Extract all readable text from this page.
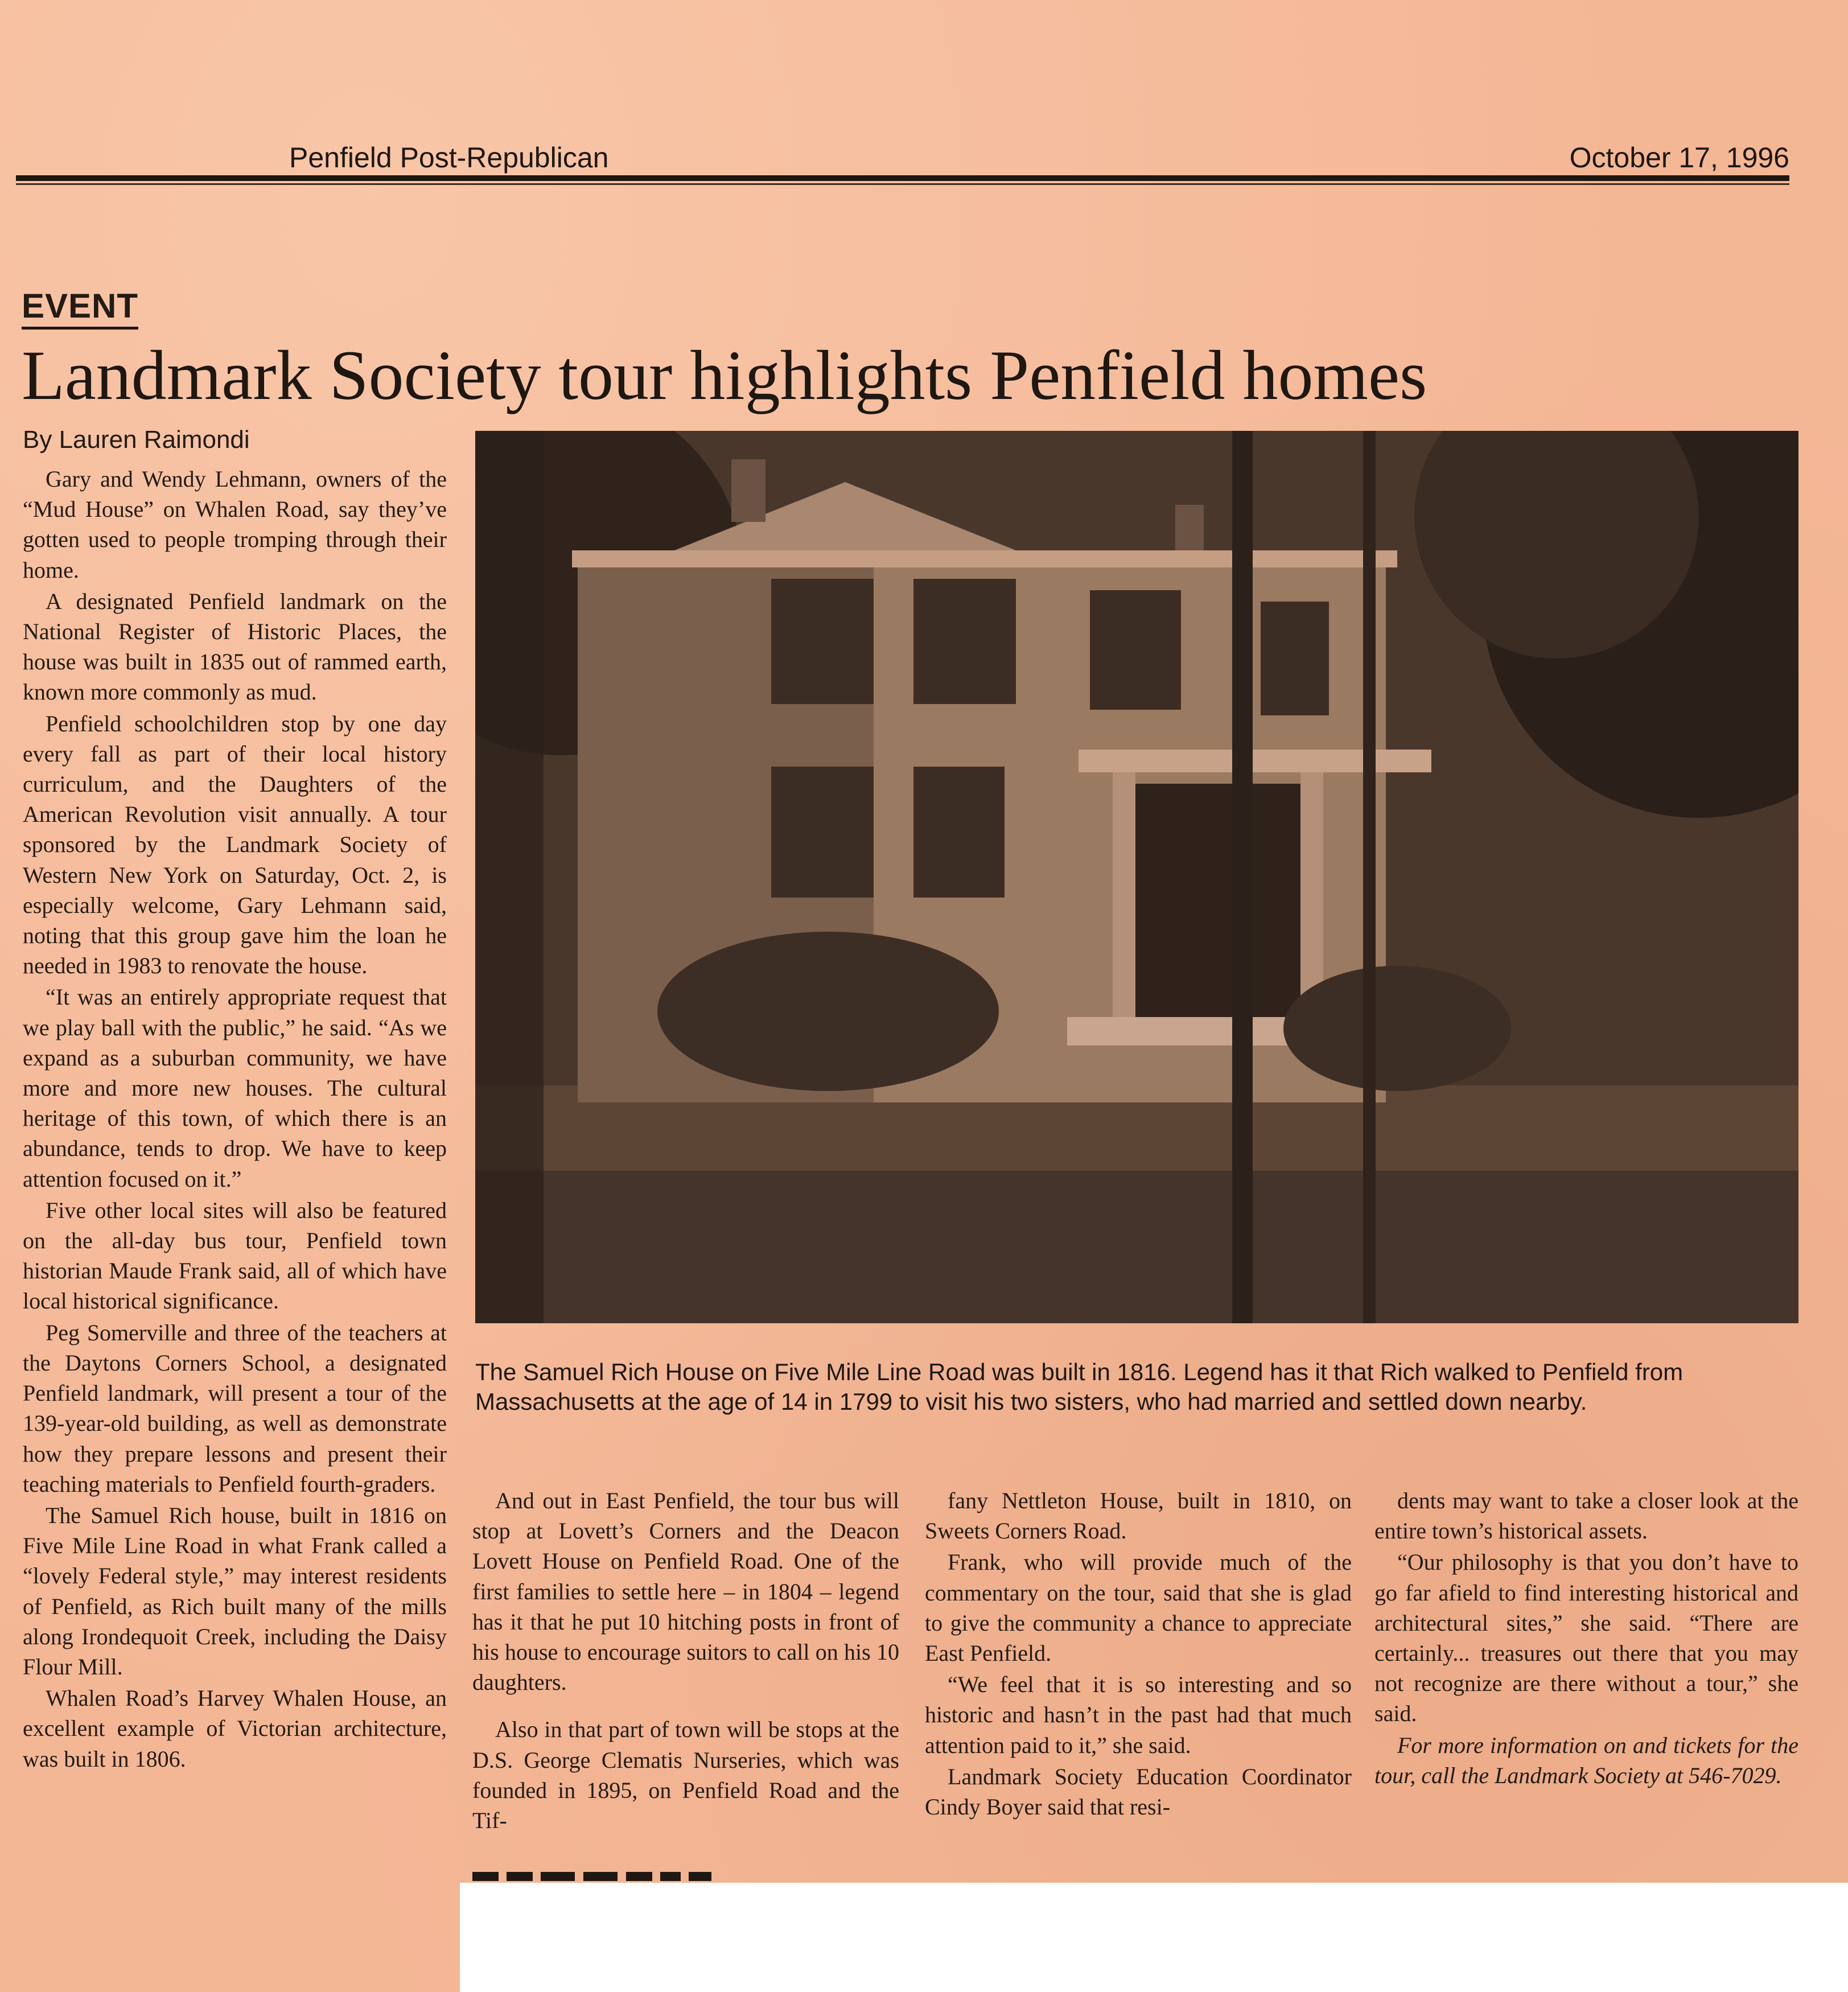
Penfield Post-Republican	October 17, 1996
EVENT
Landmark Society tour highlights Penfield homes
By Lauren Raimondi

Gary and Wendy Lehmann, owners of the “Mud House” on Whalen Road, say they’ve gotten used to people tromping through their home.

A designated Penfield landmark on the National Register of Historic Places, the house was built in 1835 out of rammed earth, known more commonly as mud.

Penfield schoolchildren stop by one day every fall as part of their local history curriculum, and the Daughters of the American Revolution visit annually. A tour sponsored by the Landmark Society of Western New York on Saturday, Oct. 2, is especially welcome, Gary Lehmann said, noting that this group gave him the loan he needed in 1983 to renovate the house.

“It was an entirely appropriate request that we play ball with the public,” he said. “As we expand as a suburban community, we have more and more new houses. The cultural heritage of this town, of which there is an abundance, tends to drop. We have to keep attention focused on it.”

Five other local sites will also be featured on the all-day bus tour, Penfield town historian Maude Frank said, all of which have local historical significance.

Peg Somerville and three of the teachers at the Daytons Corners School, a designated Penfield landmark, will present a tour of the 139-year-old building, as well as demonstrate how they prepare lessons and present their teaching materials to Penfield fourth-graders.

The Samuel Rich house, built in 1816 on Five Mile Line Road in what Frank called a “lovely Federal style,” may interest residents of Penfield, as Rich built many of the mills along Irondequoit Creek, including the Daisy Flour Mill.

Whalen Road’s Harvey Whalen House, an excellent example of Victorian architecture, was built in 1806.

The Samuel Rich House on Five Mile Line Road was built in 1816. Legend has it that Rich walked to Penfield from Massachusetts at the age of 14 in 1799 to visit his two sisters, who had married and settled down nearby.

And out in East Penfield, the tour bus will stop at Lovett’s Corners and the Deacon Lovett House on Penfield Road. One of the first families to settle here – in 1804 – legend has it that he put 10 hitching posts in front of his house to encourage suitors to call on his 10 daughters.

Also in that part of town will be stops at the D.S. George Clematis Nurseries, which was founded in 1895, on Penfield Road and the Tif-

fany Nettleton House, built in 1810, on Sweets Corners Road.

Frank, who will provide much of the commentary on the tour, said that she is glad to give the community a chance to appreciate East Penfield.

“We feel that it is so interesting and so historic and hasn’t in the past had that much attention paid to it,” she said.

Landmark Society Education Coordinator Cindy Boyer said that resi-

dents may want to take a closer look at the entire town’s historical assets.

“Our philosophy is that you don’t have to go far afield to find interesting historical and architectural sites,” she said. “There are certainly... treasures out there that you may not recognize are there without a tour,” she said.

For more information on and tickets for the tour, call the Landmark Society at 546-7029.
